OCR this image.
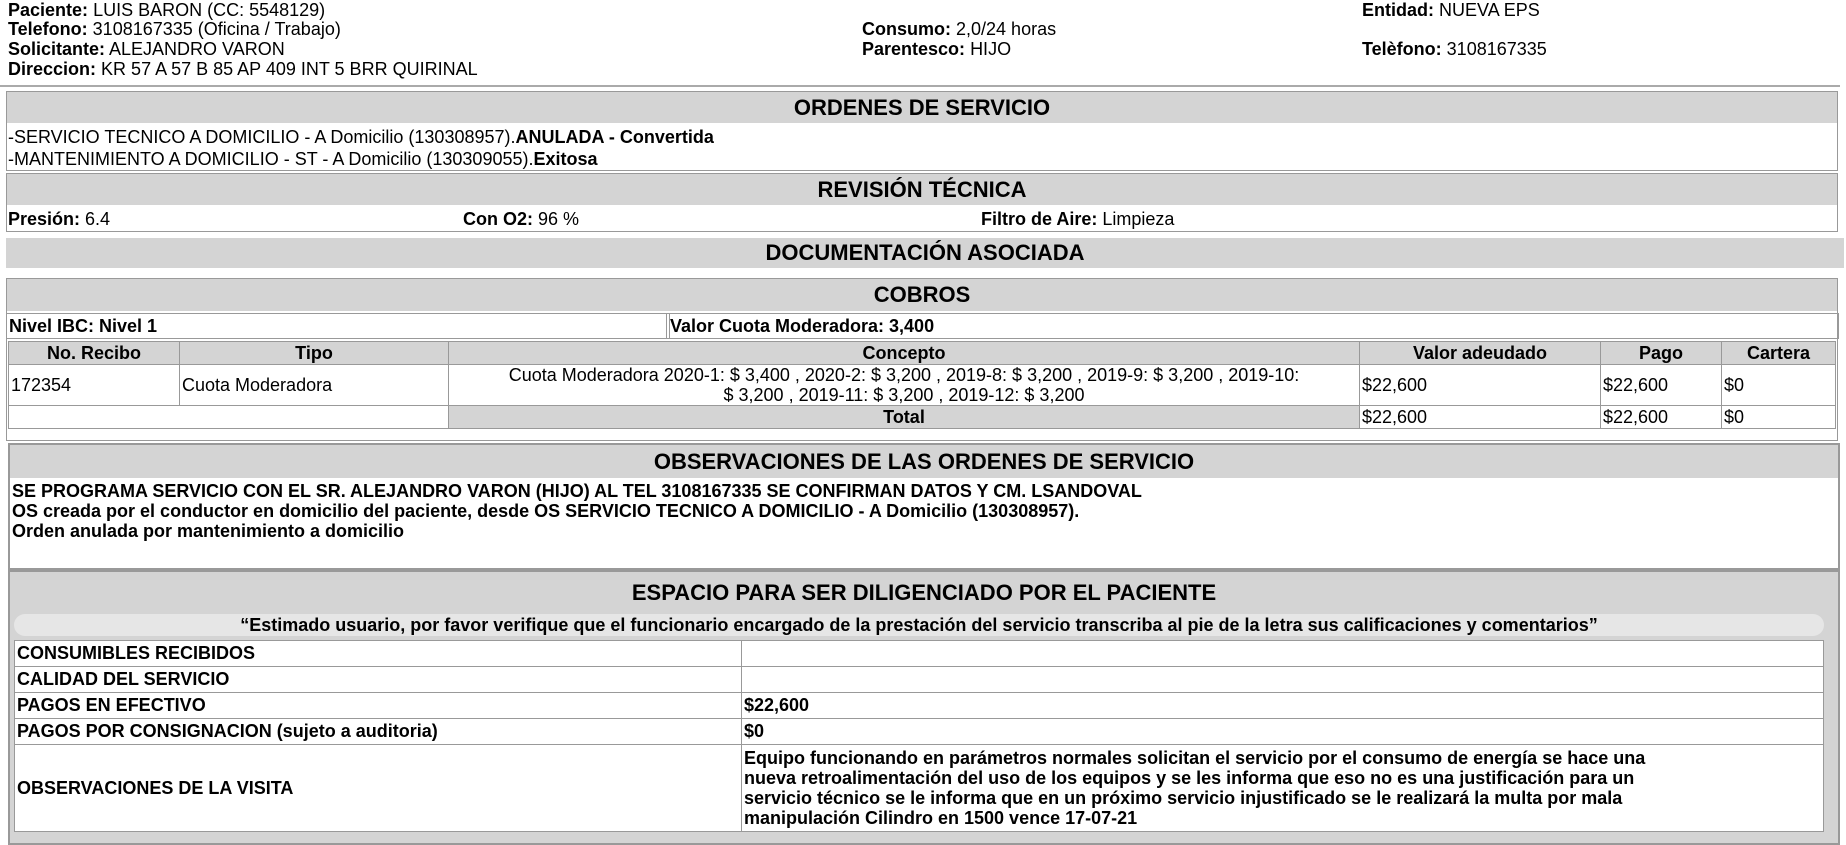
Paciente: LUIS BARON (CC: 5548129)
Telefono: 3108167335 (Oficina / Trabajo)
Solicitante: ALEJANDRO VARON
Direccion: KR 57 A 57 B 85 AP 409 INT 5 BRR QUIRINAL
Consumo: 2,0/24 horas
Parentesco: HIJO
Entidad: NUEVA EPS
Telèfono: 3108167335
ORDENES DE SERVICIO
-SERVICIO TECNICO A DOMICILIO - A Domicilio (130308957).ANULADA - Convertida
-MANTENIMIENTO A DOMICILIO - ST - A Domicilio (130309055).Exitosa
REVISIÓN TÉCNICA
Presión: 6.4	Con O2: 96 %	Filtro de Aire: Limpieza
DOCUMENTACIÓN ASOCIADA
COBROS
Nivel IBC: Nivel 1	Valor Cuota Moderadora: 3,400
No. Recibo	Tipo	Concepto	Valor adeudado	Pago	Cartera
172354	Cuota Moderadora	Cuota Moderadora 2020-1: $ 3,400 , 2020-2: $ 3,200 , 2019-8: $ 3,200 , 2019-9: $ 3,200 , 2019-10:
$ 3,200 , 2019-11: $ 3,200 , 2019-12: $ 3,200	$22,600	$22,600	$0
		Total	$22,600	$22,600	$0
OBSERVACIONES DE LAS ORDENES DE SERVICIO
SE PROGRAMA SERVICIO CON EL SR. ALEJANDRO VARON (HIJO) AL TEL 3108167335 SE CONFIRMAN DATOS Y CM. LSANDOVAL
OS creada por el conductor en domicilio del paciente, desde OS SERVICIO TECNICO A DOMICILIO - A Domicilio (130308957).
Orden anulada por mantenimiento a domicilio
ESPACIO PARA SER DILIGENCIADO POR EL PACIENTE
“Estimado usuario, por favor verifique que el funcionario encargado de la prestación del servicio transcriba al pie de la letra sus calificaciones y comentarios”
CONSUMIBLES RECIBIDOS	
CALIDAD DEL SERVICIO	
PAGOS EN EFECTIVO	$22,600
PAGOS POR CONSIGNACION (sujeto a auditoria)	$0
OBSERVACIONES DE LA VISITA	Equipo funcionando en parámetros normales solicitan el servicio por el consumo de energía se hace una
nueva retroalimentación del uso de los equipos y se les informa que eso no es una justificación para un
servicio técnico se le informa que en un próximo servicio injustificado se le realizará la multa por mala
manipulación Cilindro en 1500 vence 17-07-21
